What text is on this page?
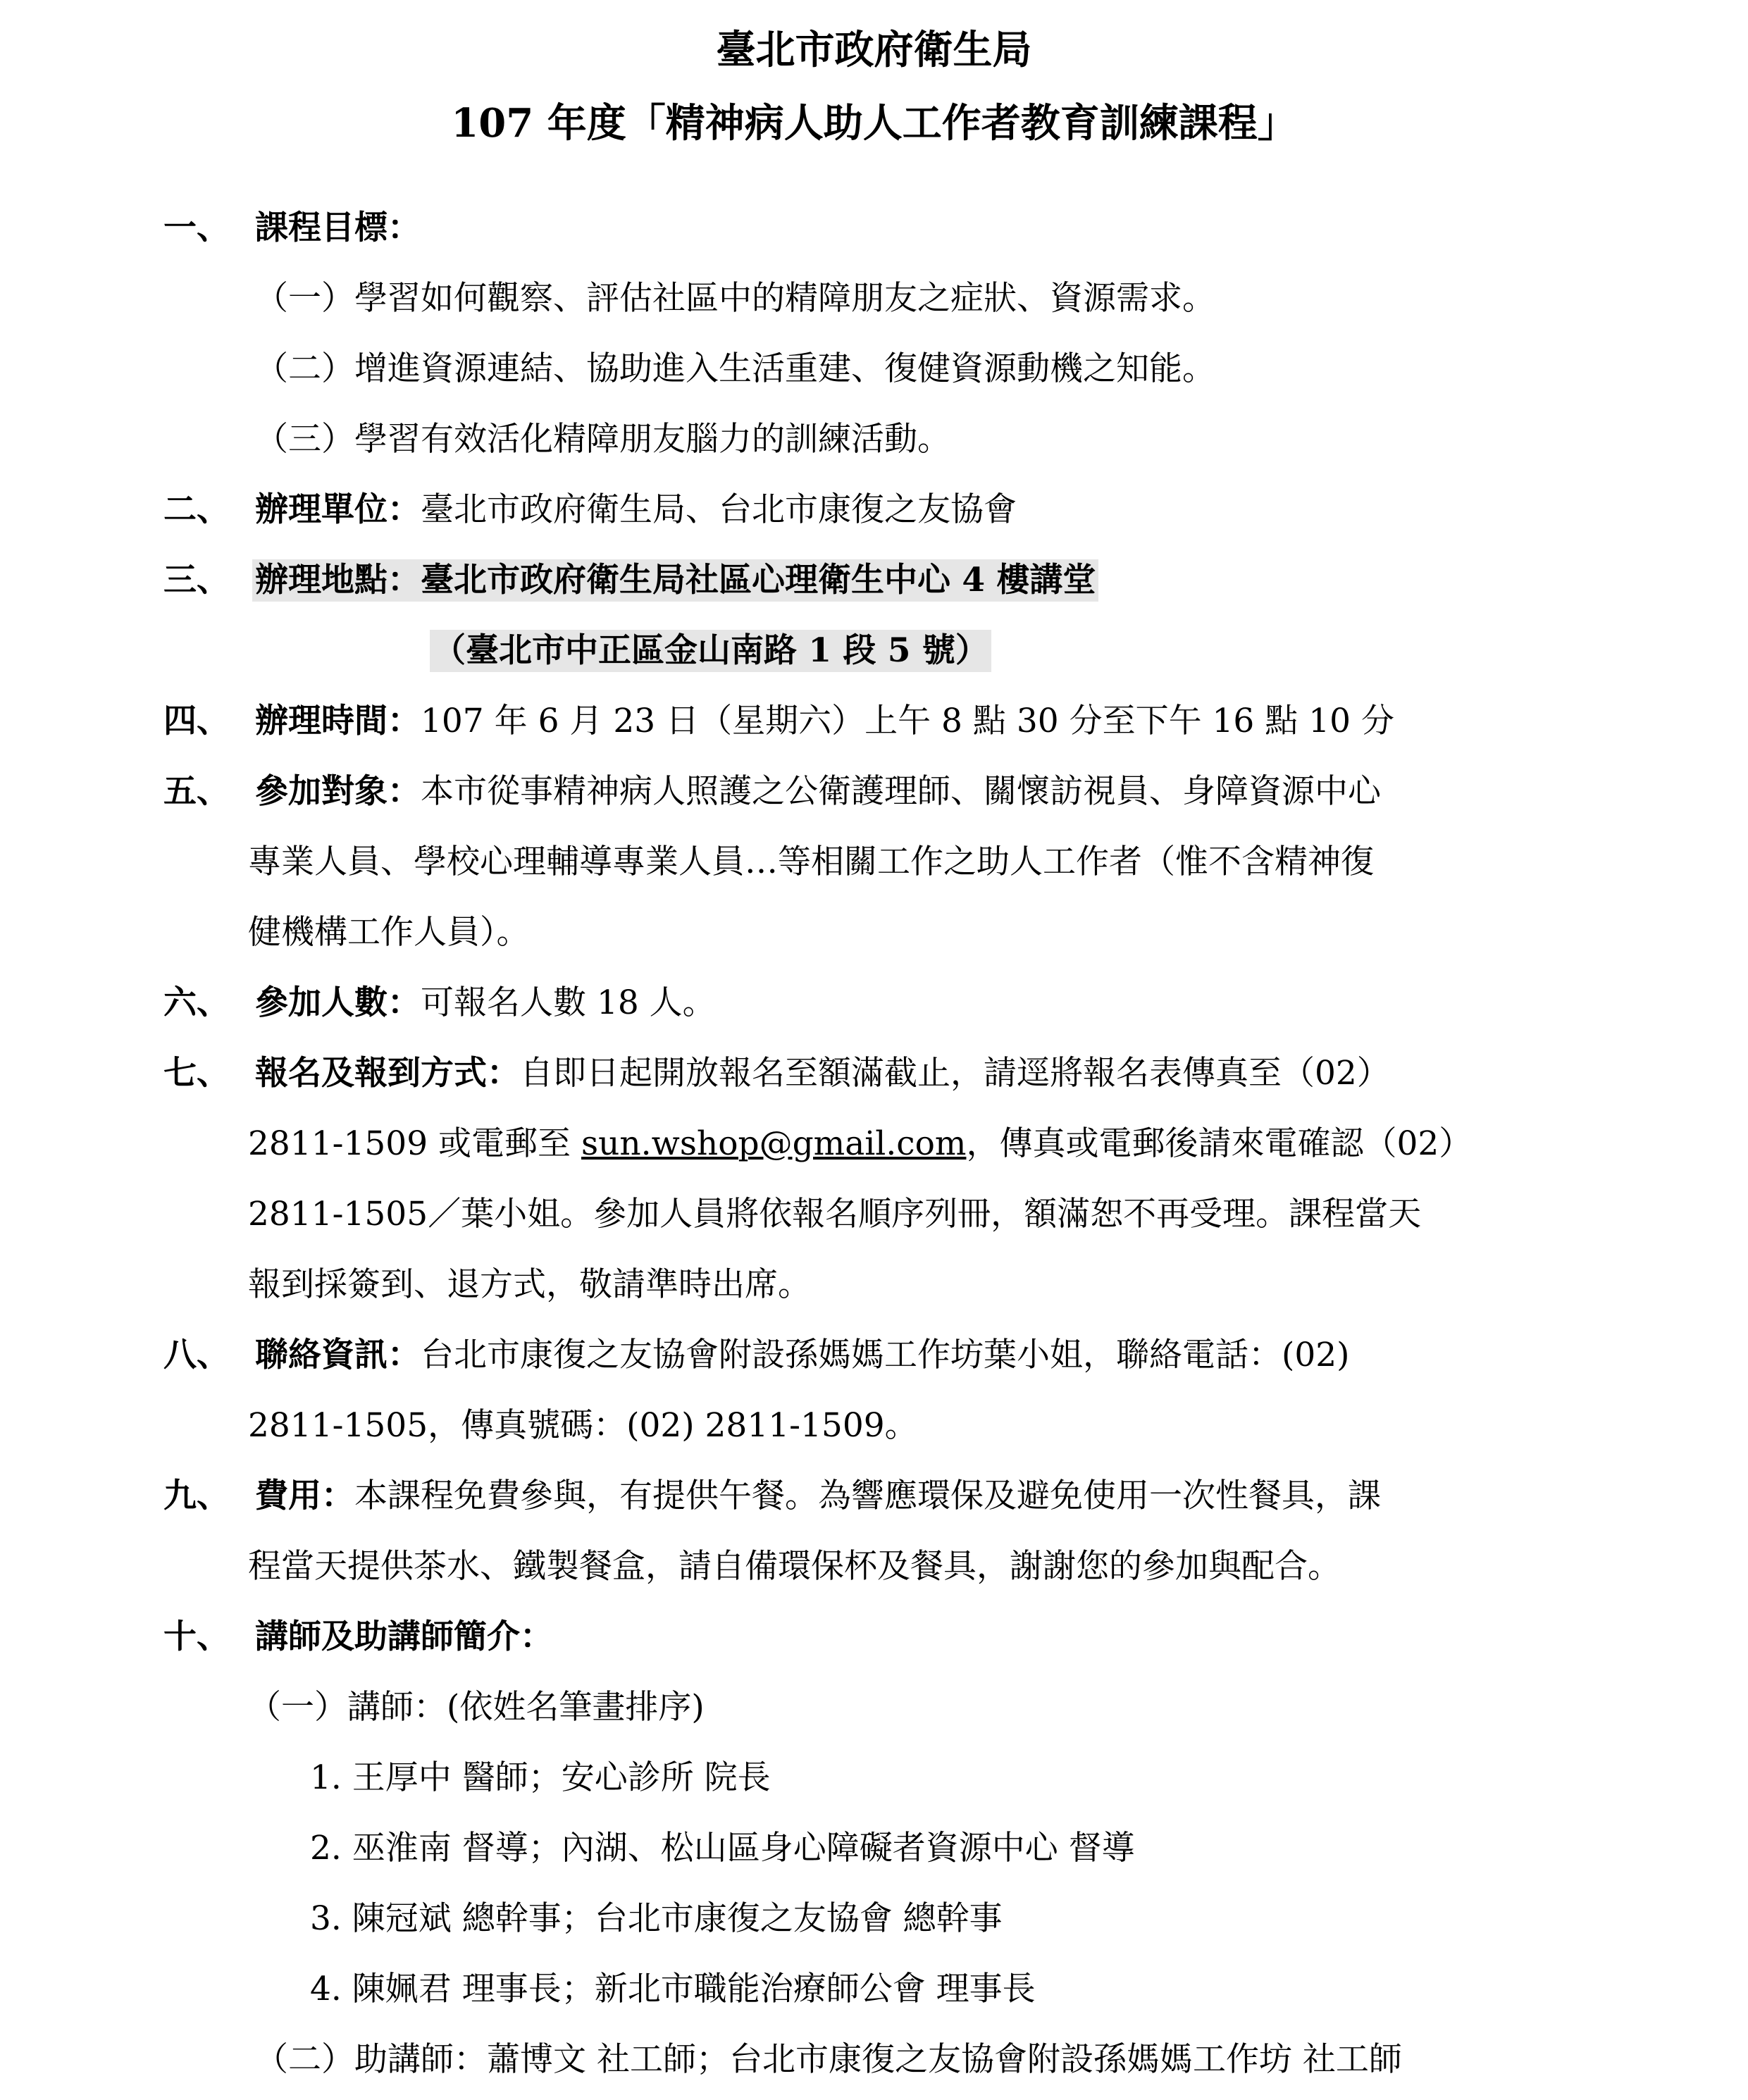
臺北市政府衛生局
107 年度「精神病人助人工作者教育訓練課程」
一、 課程目標：
（一）學習如何觀察、評估社區中的精障朋友之症狀、資源需求。
（二）增進資源連結、協助進入生活重建、復健資源動機之知能。
（三）學習有效活化精障朋友腦力的訓練活動。
二、 辦理單位：臺北市政府衛生局、台北市康復之友協會
三、 辦理地點：臺北市政府衛生局社區心理衛生中心 4 樓講堂
（臺北市中正區金山南路 1 段 5 號）
四、 辦理時間：107 年 6 月 23 日（星期六）上午 8 點 30 分至下午 16 點 10 分
五、 參加對象：本市從事精神病人照護之公衛護理師、關懷訪視員、身障資源中心
專業人員、學校心理輔導專業人員…等相關工作之助人工作者（惟不含精神復
健機構工作人員）。
六、 參加人數：可報名人數 18 人。
七、 報名及報到方式：自即日起開放報名至額滿截止，請逕將報名表傳真至（02）
2811-1509 或電郵至 sun.wshop@gmail.com，傳真或電郵後請來電確認（02）
2811-1505／葉小姐。參加人員將依報名順序列冊，額滿恕不再受理。課程當天
報到採簽到、退方式，敬請準時出席。
八、 聯絡資訊：台北市康復之友協會附設孫媽媽工作坊葉小姐，聯絡電話：(02)
2811-1505，傳真號碼：(02) 2811-1509。
九、 費用：本課程免費參與，有提供午餐。為響應環保及避免使用一次性餐具，課
程當天提供茶水、鐵製餐盒，請自備環保杯及餐具，謝謝您的參加與配合。
十、 講師及助講師簡介：
（一）講師：(依姓名筆畫排序)
1. 王厚中 醫師；安心診所 院長
2. 巫淮南 督導；內湖、松山區身心障礙者資源中心 督導
3. 陳冠斌 總幹事；台北市康復之友協會 總幹事
4. 陳姵君 理事長；新北市職能治療師公會 理事長
（二）助講師：蕭博文 社工師；台北市康復之友協會附設孫媽媽工作坊 社工師
